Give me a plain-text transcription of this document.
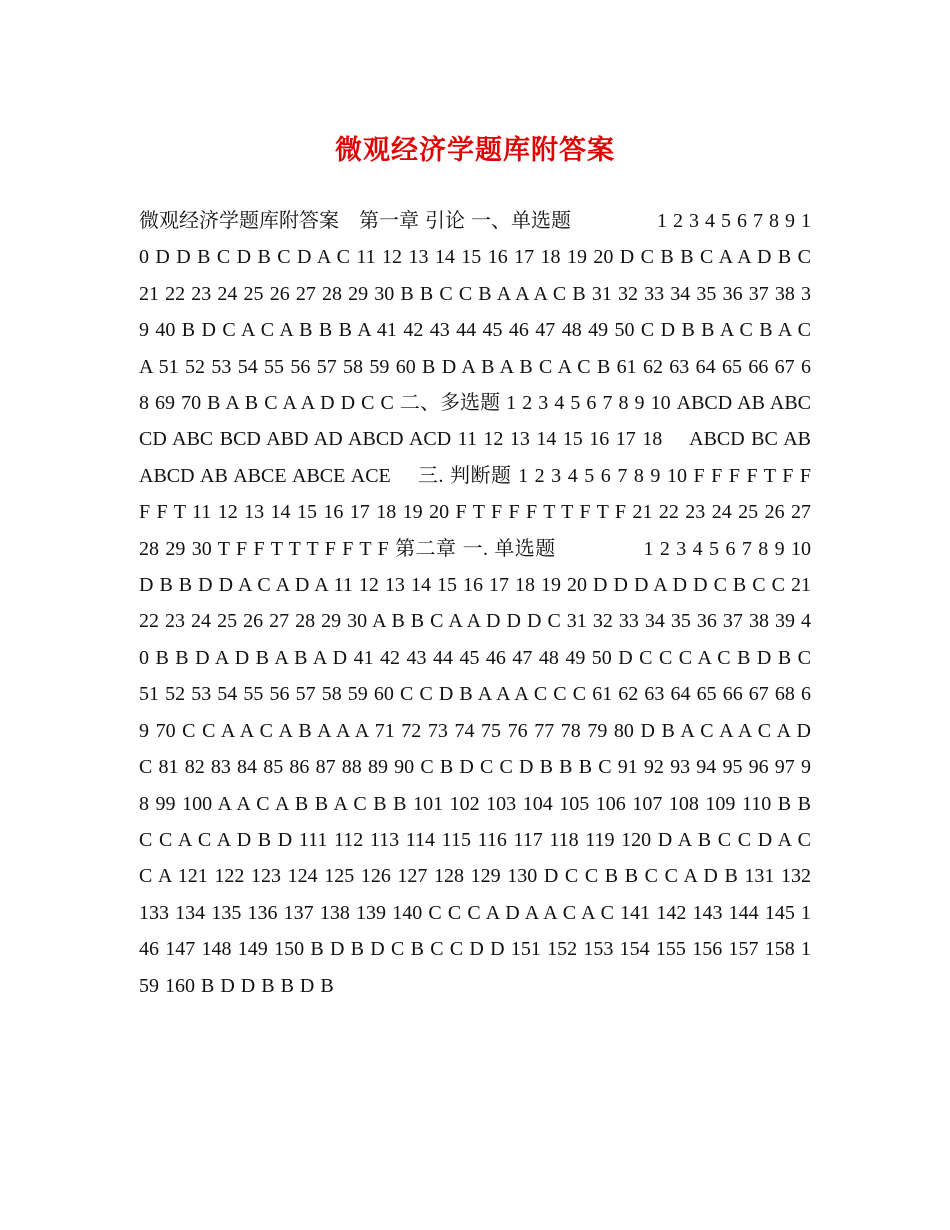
微观经济学题库附答案

微观经济学题库附答案　第一章 引论 一、单选题 　　　　1 2 3 4 5 6 7 8 9 10 D D B C D B C D A C 11 12 13 14 15 16 17 18 19 20 D C B B C A A D B C 21 22 23 24 25 26 27 28 29 30 B B C C B A A A C B 31 32 33 34 35 36 37 38 39 40 B D C A C A B B B A 41 42 43 44 45 46 47 48 49 50 C D B B A C B A C A 51 52 53 54 55 56 57 58 59 60 B D A B A B C A C B 61 62 63 64 65 66 67 68 69 70 B A B C A A D D C C 二、多选题 1 2 3 4 5 6 7 8 9 10 ABCD AB ABC CD ABC BCD ABD AD ABCD ACD 11 12 13 14 15 16 17 18 　ABCD BC AB ABCD AB ABCE ABCE ACE 　三. 判断题 1 2 3 4 5 6 7 8 9 10 F F F F T F F F F T 11 12 13 14 15 16 17 18 19 20 F T F F F T T F T F 21 22 23 24 25 26 27 28 29 30 T F F T T T F F T F 第二章 一. 单选题 　　　　1 2 3 4 5 6 7 8 9 10 D B B D D A C A D A 11 12 13 14 15 16 17 18 19 20 D D D A D D C B C C 21 22 23 24 25 26 27 28 29 30 A B B C A A D D D C 31 32 33 34 35 36 37 38 39 40 B B D A D B A B A D 41 42 43 44 45 46 47 48 49 50 D C C C A C B D B C 51 52 53 54 55 56 57 58 59 60 C C D B A A A C C C 61 62 63 64 65 66 67 68 69 70 C C A A C A B A A A 71 72 73 74 75 76 77 78 79 80 D B A C A A C A D C 81 82 83 84 85 86 87 88 89 90 C B D C C D B B B C 91 92 93 94 95 96 97 98 99 100 A A C A B B A C B B 101 102 103 104 105 106 107 108 109 110 B B C C A C A D B D 111 112 113 114 115 116 117 118 119 120 D A B C C D A C C A 121 122 123 124 125 126 127 128 129 130 D C C B B C C A D B 131 132 133 134 135 136 137 138 139 140 C C C A D A A C A C 141 142 143 144 145 146 147 148 149 150 B D B D C B C C D D 151 152 153 154 155 156 157 158 159 160 B D D B B D B
